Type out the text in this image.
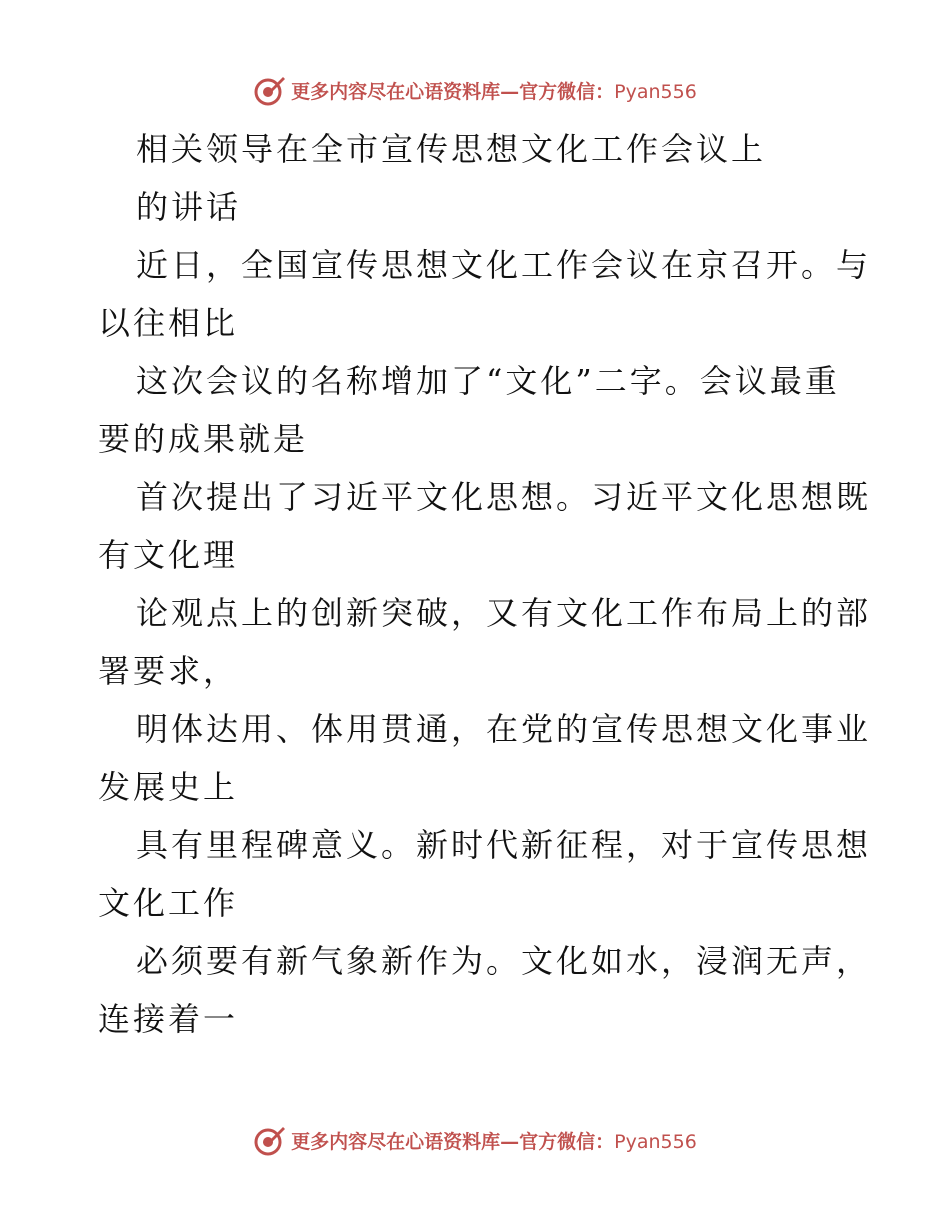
更多内容尽在心语资料库—官方微信：Pyan556
相关领导在全市宣传思想文化工作会议上
的讲话
近日，全国宣传思想文化工作会议在京召开。与
以往相比
这次会议的名称增加了“文化”二字。会议最重
要的成果就是
首次提出了习近平文化思想。习近平文化思想既
有文化理
论观点上的创新突破，又有文化工作布局上的部
署要求，
明体达用、体用贯通，在党的宣传思想文化事业
发展史上
具有里程碑意义。新时代新征程，对于宣传思想
文化工作
必须要有新气象新作为。文化如水，浸润无声，
连接着一
更多内容尽在心语资料库—官方微信：Pyan556
